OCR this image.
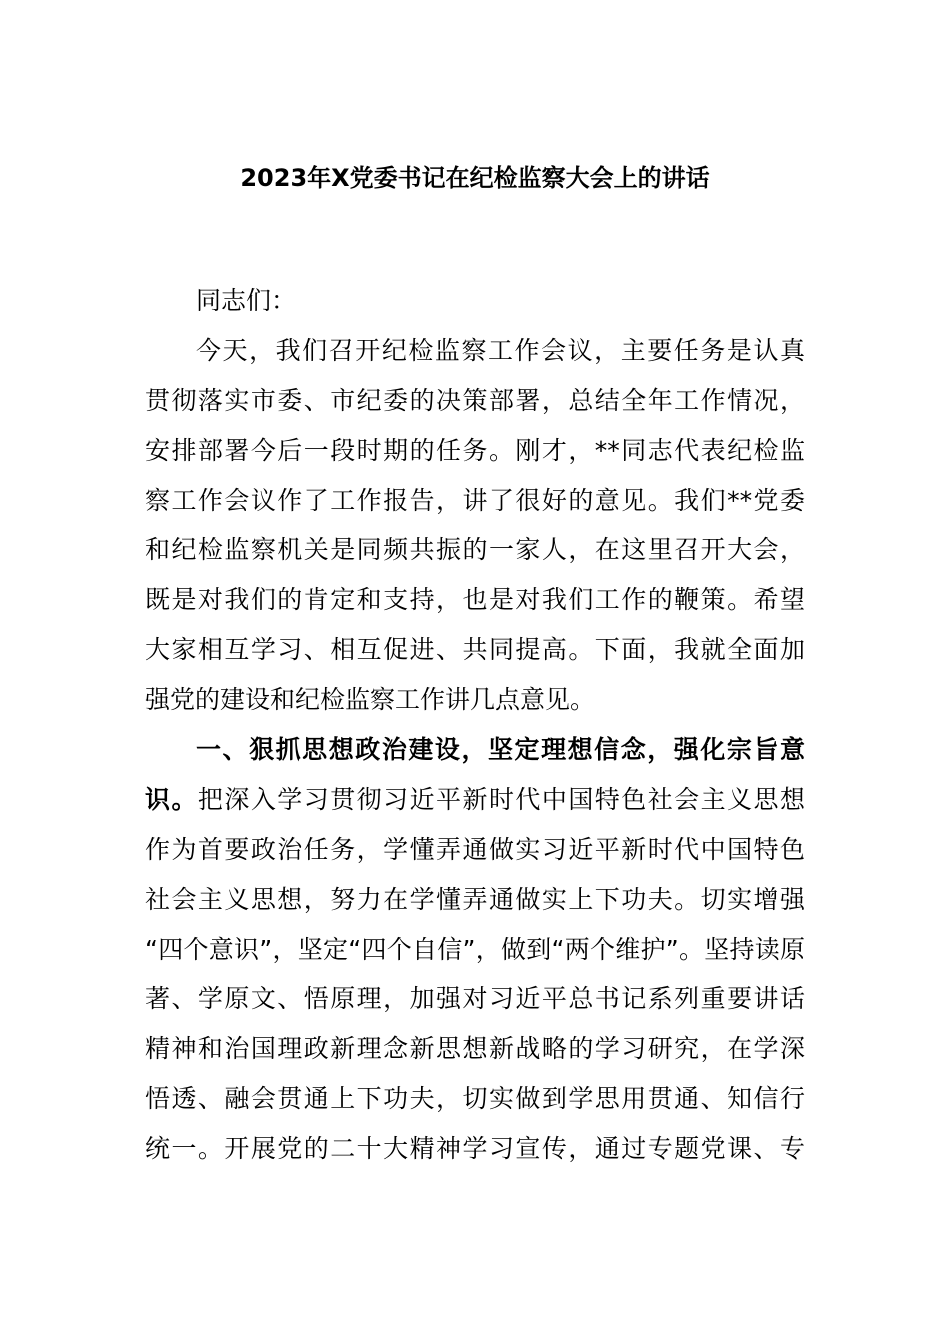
2023年X党委书记在纪检监察大会上的讲话
同志们：
今天，我们召开纪检监察工作会议，主要任务是认真
贯彻落实市委、市纪委的决策部署，总结全年工作情况，
安排部署今后一段时期的任务。刚才，**同志代表纪检监
察工作会议作了工作报告，讲了很好的意见。我们**党委
和纪检监察机关是同频共振的一家人，在这里召开大会，
既是对我们的肯定和支持，也是对我们工作的鞭策。希望
大家相互学习、相互促进、共同提高。下面，我就全面加
强党的建设和纪检监察工作讲几点意见。
一、狠抓思想政治建设，坚定理想信念，强化宗旨意
识。把深入学习贯彻习近平新时代中国特色社会主义思想
作为首要政治任务，学懂弄通做实习近平新时代中国特色
社会主义思想，努力在学懂弄通做实上下功夫。切实增强
“四个意识”，坚定“四个自信”，做到“两个维护”。坚持读原
著、学原文、悟原理，加强对习近平总书记系列重要讲话
精神和治国理政新理念新思想新战略的学习研究，在学深
悟透、融会贯通上下功夫，切实做到学思用贯通、知信行
统一。开展党的二十大精神学习宣传，通过专题党课、专
